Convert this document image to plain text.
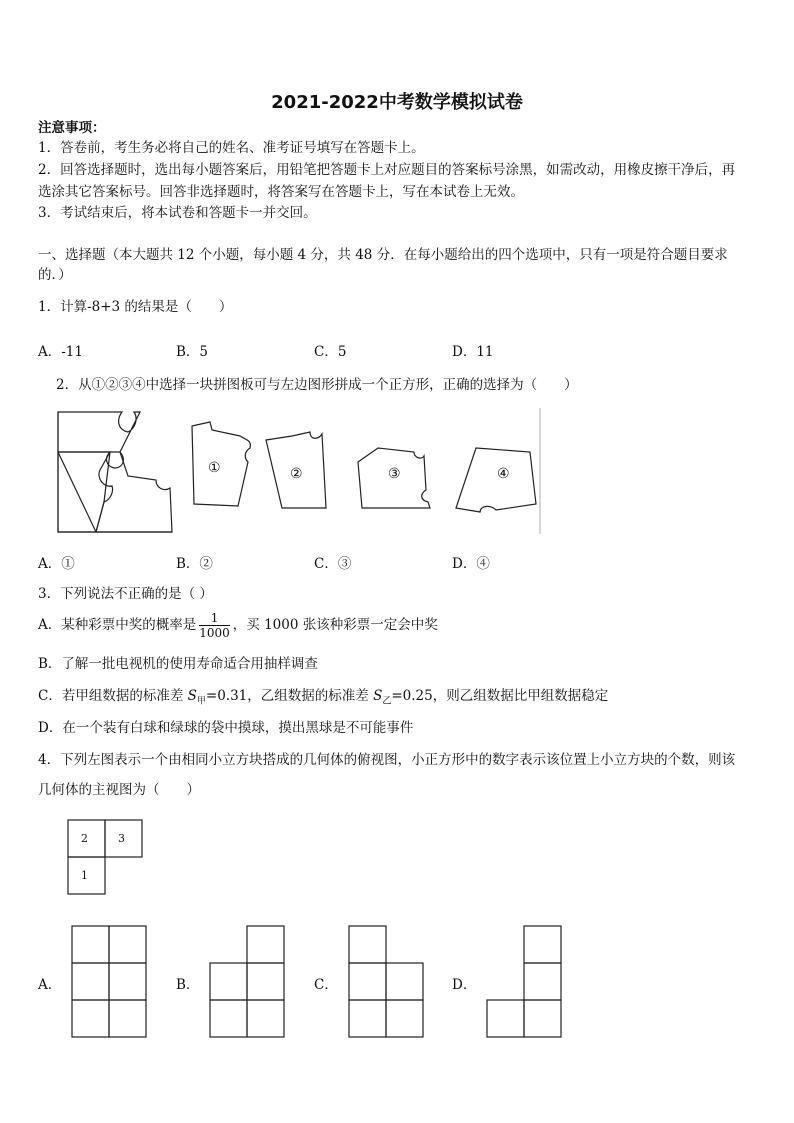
2021-2022中考数学模拟试卷
注意事项：
1．答卷前，考生务必将自己的姓名、准考证号填写在答题卡上。
2．回答选择题时，选出每小题答案后，用铅笔把答题卡上对应题目的答案标号涂黑，如需改动，用橡皮擦干净后，再
选涂其它答案标号。回答非选择题时，将答案写在答题卡上，写在本试卷上无效。
3．考试结束后，将本试卷和答题卡一并交回。
一、选择题（本大题共 12 个小题，每小题 4 分，共 48 分．在每小题给出的四个选项中，只有一项是符合题目要求
的．）
1．计算-8+3 的结果是（　　）
A．-11	B．5	C．5	D．11
2．从①②③④中选择一块拼图板可与左边图形拼成一个正方形，正确的选择为（　　）
①	②	③	④
A．①	B．②	C．③	D．④
3．下列说法不正确的是（ ）
A．某种彩票中奖的概率是 $\frac{1}{1000}$ ，买 1000 张该种彩票一定会中奖
B．了解一批电视机的使用寿命适合用抽样调查
C．若甲组数据的标准差 $S_甲=0.31$，乙组数据的标准差 $S_乙=0.25$，则乙组数据比甲组数据稳定
D．在一个装有白球和绿球的袋中摸球，摸出黑球是不可能事件
4．下列左图表示一个由相同小立方块搭成的几何体的俯视图，小正方形中的数字表示该位置上小立方块的个数，则该
几何体的主视图为（　　）
2	3
1
A．	B．	C．	D．
